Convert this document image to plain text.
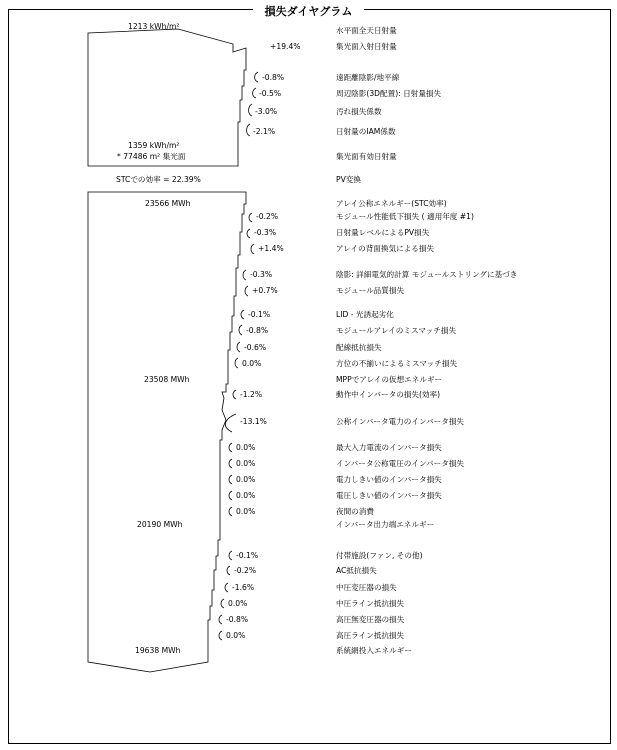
損失ダイヤグラム
1213 kWh/m²
1359 kWh/m²
* 77486 m² 集光面
STCでの効率 = 22.39%
23566 MWh
23508 MWh
20190 MWh
19638 MWh
+19.4%
-0.8%
-0.5%
-3.0%
-2.1%
-0.2%
-0.3%
+1.4%
-0.3%
+0.7%
-0.1%
-0.8%
-0.6%
0.0%
-1.2%
-13.1%
0.0%
0.0%
0.0%
0.0%
0.0%
-0.1%
-0.2%
-1.6%
0.0%
-0.8%
0.0%
水平面全天日射量
集光面入射日射量
遠距離陰影/地平線
周辺陰影(3D配置): 日射量損失
汚れ損失係数
日射量のIAM係数
集光面有効日射量
PV変換
アレイ公称エネルギー(STC効率)
モジュール性能低下損失 ( 適用年度 #1)
日射量レベルによるPV損失
アレイの背面換気による損失
陰影: 詳細電気的計算 モジュールストリングに基づき
モジュール品質損失
LID - 光誘起劣化
モジュールアレイのミスマッチ損失
配線抵抗損失
方位の不揃いによるミスマッチ損失
MPPでアレイの仮想エネルギー
動作中インバータの損失(効率)
公称インバータ電力のインバータ損失
最大入力電流のインバータ損失
インバータ公称電圧のインバータ損失
電力しきい値のインバータ損失
電圧しきい値のインバータ損失
夜間の消費
インバータ出力端エネルギー
付帯施設(ファン, その他)
AC抵抗損失
中圧変圧器の損失
中圧ライン抵抗損失
高圧無変圧器の損失
高圧ライン抵抗損失
系統網投入エネルギー
